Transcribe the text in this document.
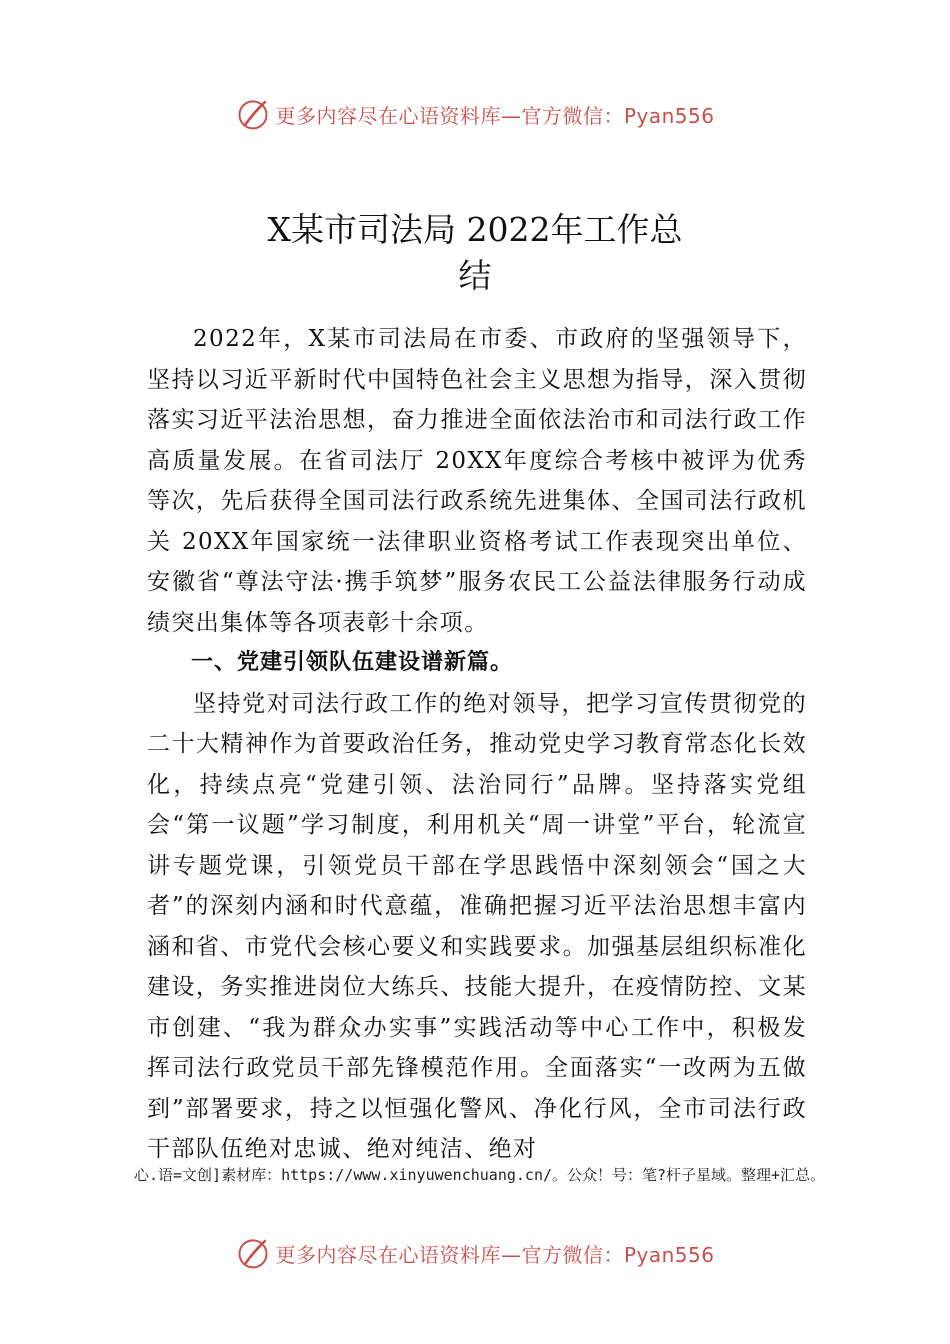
更多内容尽在心语资料库—官方微信：Pyan556
X某市司法局 2022年工作总
结

2022年，X某市司法局在市委、市政府的坚强领导下，坚持以习近平新时代中国特色社会主义思想为指导，深入贯彻落实习近平法治思想，奋力推进全面依法治市和司法行政工作高质量发展。在省司法厅 20XX年度综合考核中被评为优秀等次，先后获得全国司法行政系统先进集体、全国司法行政机关 20XX年国家统一法律职业资格考试工作表现突出单位、安徽省“尊法守法·携手筑梦”服务农民工公益法律服务行动成绩突出集体等各项表彰十余项。

一、党建引领队伍建设谱新篇。

坚持党对司法行政工作的绝对领导，把学习宣传贯彻党的二十大精神作为首要政治任务，推动党史学习教育常态化长效化，持续点亮“党建引领、法治同行”品牌。坚持落实党组会“第一议题”学习制度，利用机关“周一讲堂”平台，轮流宣讲专题党课，引领党员干部在学思践悟中深刻领会“国之大者”的深刻内涵和时代意蕴，准确把握习近平法治思想丰富内涵和省、市党代会核心要义和实践要求。加强基层组织标准化建设，务实推进岗位大练兵、技能大提升，在疫情防控、文某市创建、“我为群众办实事”实践活动等中心工作中，积极发挥司法行政党员干部先锋模范作用。全面落实“一改两为五做到”部署要求，持之以恒强化警风、净化行风，全市司法行政干部队伍绝对忠诚、绝对纯洁、绝对

心.语=文创]素材库：https://www.xinyuwenchuang.cn/。公众！号：笔?杆子星域。整理+汇总。
更多内容尽在心语资料库—官方微信：Pyan556
